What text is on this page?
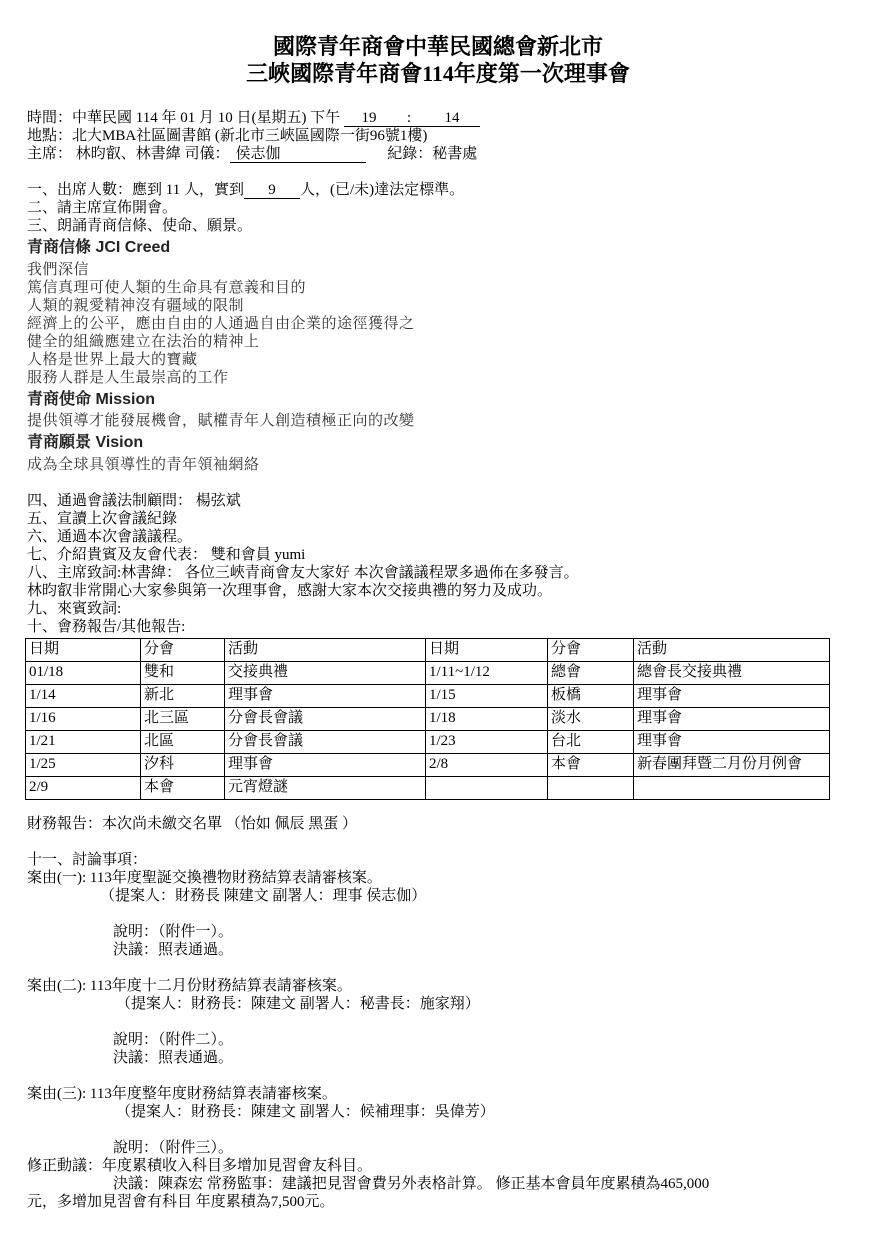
國際青年商會中華民國總會新北市
三峽國際青年商會114年度第一次理事會
時間：中華民國 114 年 01 月 10 日(星期五) 下午 19 : 14
地點：北大MBA社區圖書館 (新北市三峽區國際一街96號1樓)
主席： 林昀叡、林書緯 司儀： 侯志伽	紀錄：秘書處
一、出席人數：應到 11 人，實到 9 人，(已/未)達法定標準。
二、請主席宣佈開會。
三、朗誦青商信條、使命、願景。
青商信條 JCI Creed
我們深信
篤信真理可使人類的生命具有意義和目的
人類的親愛精神沒有疆域的限制
經濟上的公平，應由自由的人通過自由企業的途徑獲得之
健全的組織應建立在法治的精神上
人格是世界上最大的寶藏
服務人群是人生最崇高的工作
青商使命 Mission
提供領導才能發展機會，賦權青年人創造積極正向的改變
青商願景 Vision
成為全球具領導性的青年領袖網絡
四、通過會議法制顧問： 楊弦斌
五、宣讀上次會議紀錄
六、通過本次會議議程。
七、介紹貴賓及友會代表： 雙和會員 yumi
八、主席致詞:林書緯： 各位三峽青商會友大家好 本次會議議程眾多過佈在多發言。
林昀叡非常開心大家參與第一次理事會，感謝大家本次交接典禮的努力及成功。
九、來賓致詞:
十、會務報告/其他報告:
日期	分會	活動	日期	分會	活動
01/18	雙和	交接典禮	1/11~1/12	總會	總會長交接典禮
1/14	新北	理事會	1/15	板橋	理事會
1/16	北三區	分會長會議	1/18	淡水	理事會
1/21	北區	分會長會議	1/23	台北	理事會
1/25	汐科	理事會	2/8	本會	新春團拜暨二月份月例會
2/9	本會	元宵燈謎			
財務報告：本次尚未繳交名單 （怡如 佩辰 黑蛋 ）
十一、討論事項：
案由(一): 113年度聖誕交換禮物財務結算表請審核案。
（提案人：財務長 陳建文 副署人：理事 侯志伽）
說明：（附件一）。
決議：照表通過。
案由(二): 113年度十二月份財務結算表請審核案。
（提案人：財務長：陳建文 副署人：秘書長：施家翔）
說明：（附件二）。
決議：照表通過。
案由(三): 113年度整年度財務結算表請審核案。
（提案人：財務長：陳建文 副署人：候補理事：吳偉芳）
說明：（附件三）。
修正動議：年度累積收入科目多增加見習會友科目。
決議：陳森宏 常務監事：建議把見習會費另外表格計算。 修正基本會員年度累積為465,000
元，多增加見習會有科目 年度累積為7,500元。
